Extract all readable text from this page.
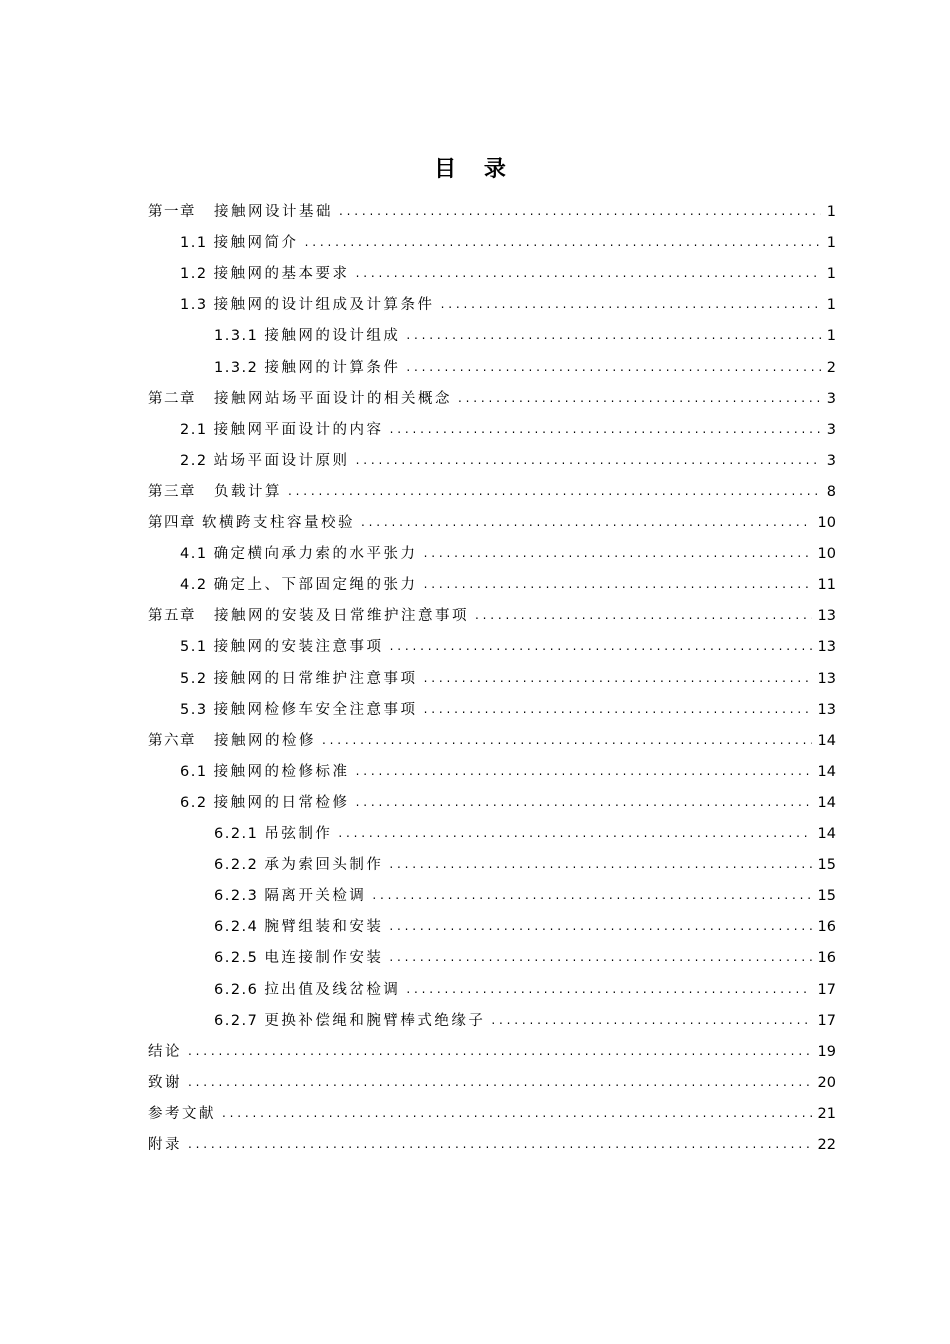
目 录
第一章 接触网设计基础 . . .	1
1.1 接触网简介 . . .	1
1.2 接触网的基本要求 . . .	1
1.3 接触网的设计组成及计算条件 . . .	1
1.3.1 接触网的设计组成 . . .	1
1.3.2 接触网的计算条件 . . .	2
第二章 接触网站场平面设计的相关概念 . . .	3
2.1 接触网平面设计的内容 . . .	3
2.2 站场平面设计原则 . . .	3
第三章 负载计算 . . .	8
第四章 软横跨支柱容量校验 . . .	10
4.1 确定横向承力索的水平张力 . . .	10
4.2 确定上、下部固定绳的张力 . . .	11
第五章 接触网的安装及日常维护注意事项 . . .	13
5.1 接触网的安装注意事项 . . .	13
5.2 接触网的日常维护注意事项 . . .	13
5.3 接触网检修车安全注意事项 . . .	13
第六章 接触网的检修 . . .	14
6.1 接触网的检修标准 . . .	14
6.2 接触网的日常检修 . . .	14
6.2.1 吊弦制作 . . .	14
6.2.2 承为索回头制作 . . .	15
6.2.3 隔离开关检调 . . .	15
6.2.4 腕臂组装和安装 . . .	16
6.2.5 电连接制作安装 . . .	16
6.2.6 拉出值及线岔检调 . . .	17
6.2.7 更换补偿绳和腕臂棒式绝缘子 . . .	17
结论 . . .	19
致谢 . . .	20
参考文献 . . .	21
附录 . . .	22
